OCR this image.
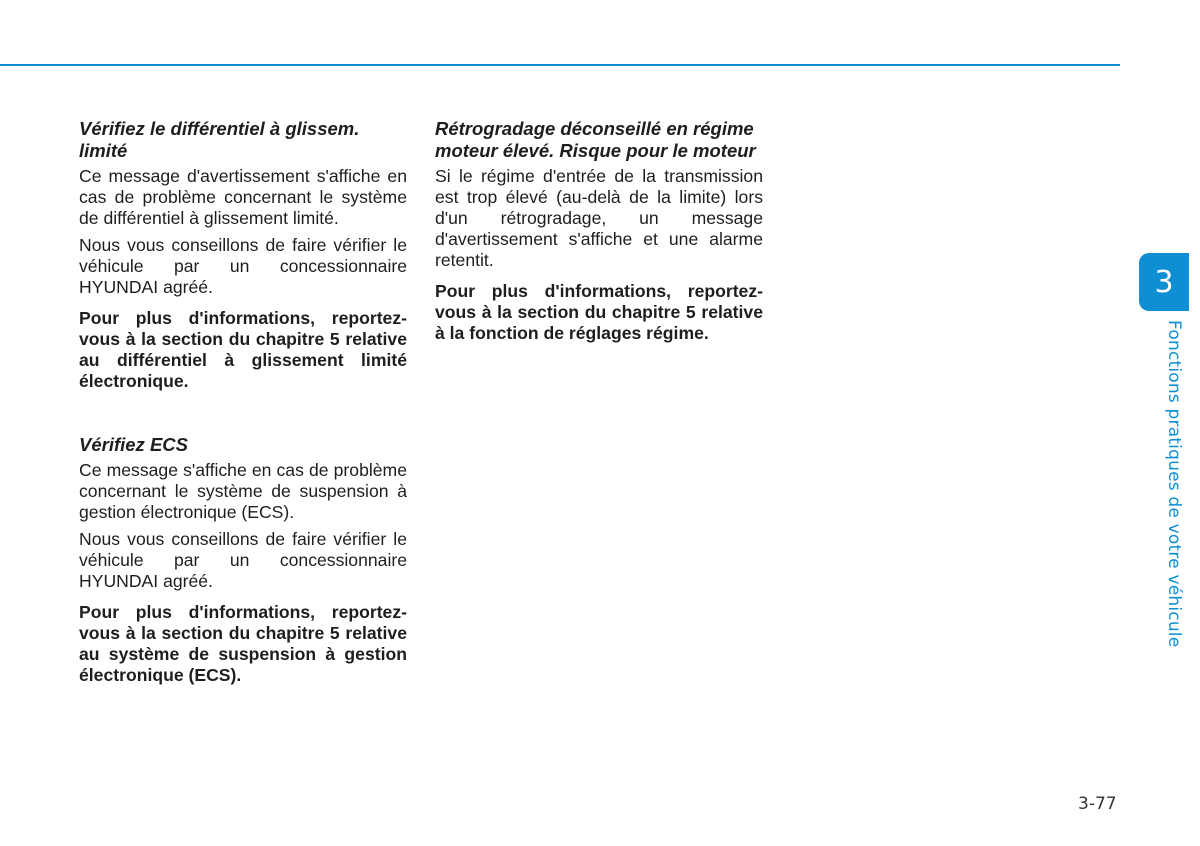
Vérifiez le différentiel à glissem. limité

Ce message d'avertissement s'affiche en cas de problème concernant le système de différentiel à glissement limité.

Nous vous conseillons de faire vérifier le véhicule par un concessionnaire HYUNDAI agréé.

Pour plus d'informations, reportez-vous à la section du chapitre 5 relative au différentiel à glissement limité électronique.

Vérifiez ECS

Ce message s'affiche en cas de problème concernant le système de suspension à gestion électronique (ECS).

Nous vous conseillons de faire vérifier le véhicule par un concessionnaire HYUNDAI agréé.

Pour plus d'informations, reportez-vous à la section du chapitre 5 relative au système de suspension à gestion électronique (ECS).

Rétrogradage déconseillé en régime moteur élevé. Risque pour le moteur

Si le régime d'entrée de la transmission est trop élevé (au-delà de la limite) lors d'un rétrogradage, un message d'avertissement s'affiche et une alarme retentit.

Pour plus d'informations, reportez-vous à la section du chapitre 5 relative à la fonction de réglages régime.

3
Fonctions pratiques de votre véhicule
3-77
